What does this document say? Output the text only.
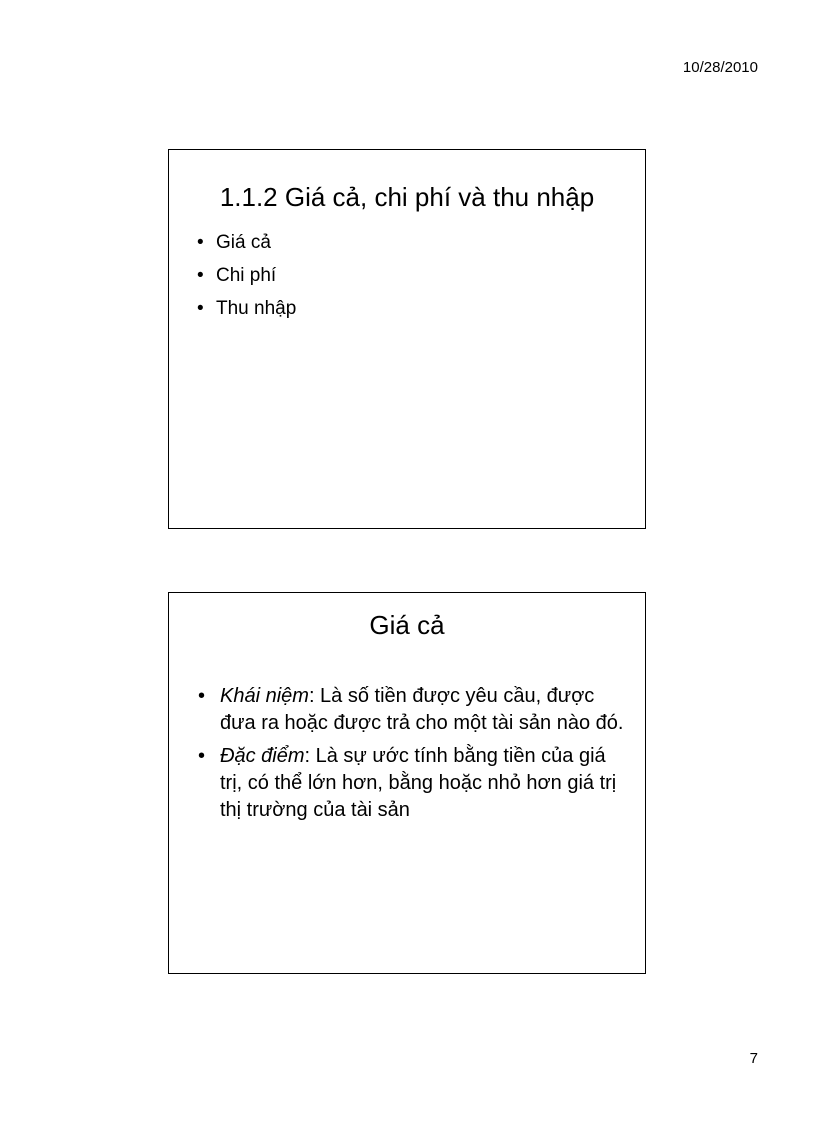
10/28/2010
1.1.2 Giá cả, chi phí và thu nhập
• Giá cả
• Chi phí
• Thu nhập
Giá cả
• Khái niệm: Là số tiền được yêu cầu, được đưa ra hoặc được trả cho một tài sản nào đó.
• Đặc điểm: Là sự ước tính bằng tiền của giá trị, có thể lớn hơn, bằng hoặc nhỏ hơn giá trị thị trường của tài sản
7
